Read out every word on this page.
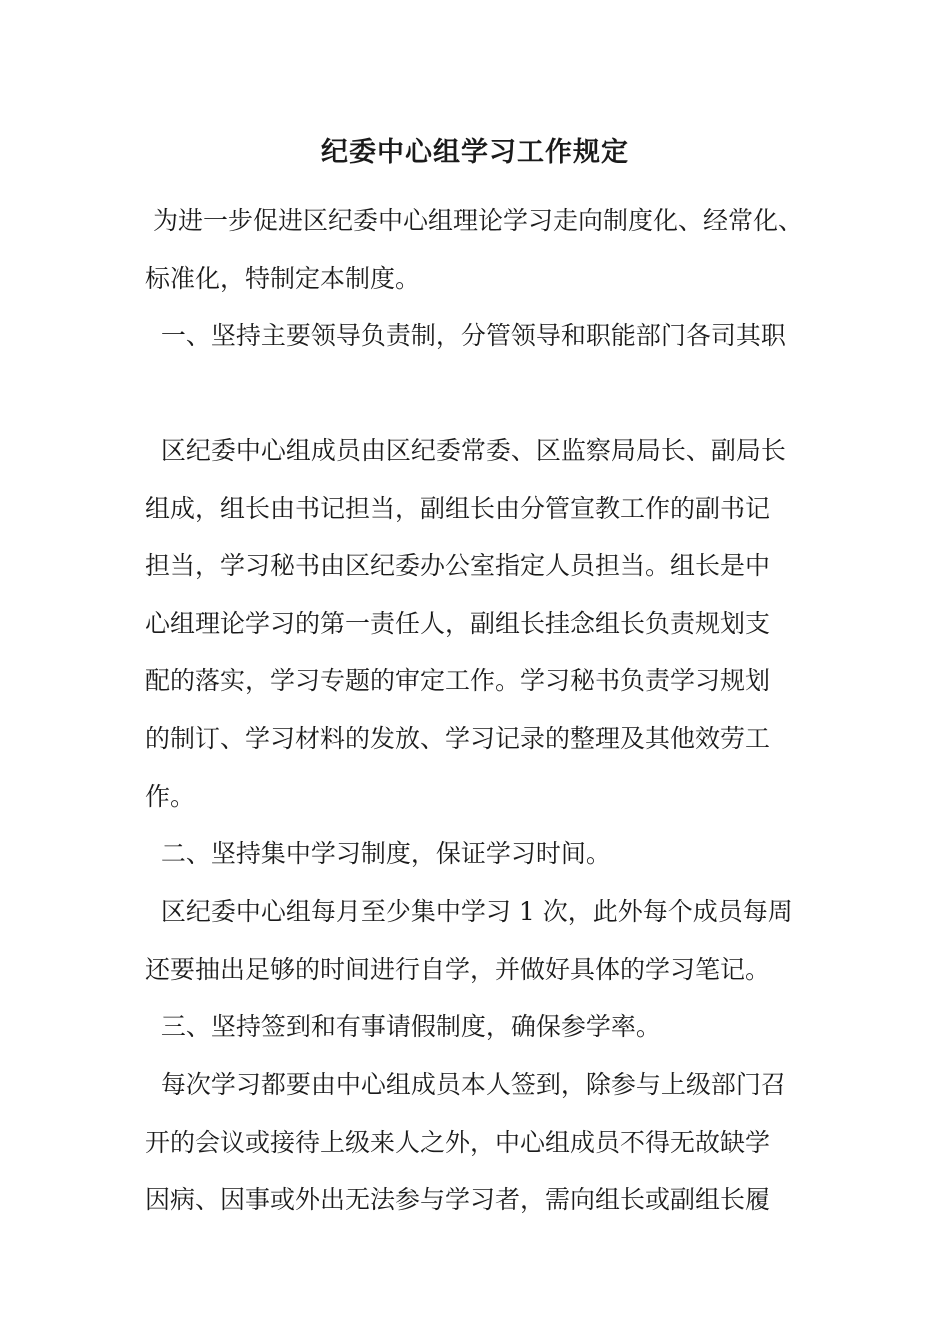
纪委中心组学习工作规定
为进一步促进区纪委中心组理论学习走向制度化、经常化、
标准化，特制定本制度。
一、坚持主要领导负责制，分管领导和职能部门各司其职
区纪委中心组成员由区纪委常委、区监察局局长、副局长
组成，组长由书记担当，副组长由分管宣教工作的副书记
担当，学习秘书由区纪委办公室指定人员担当。组长是中
心组理论学习的第一责任人，副组长挂念组长负责规划支
配的落实，学习专题的审定工作。学习秘书负责学习规划
的制订、学习材料的发放、学习记录的整理及其他效劳工
作。
二、坚持集中学习制度，保证学习时间。
区纪委中心组每月至少集中学习 1 次，此外每个成员每周
还要抽出足够的时间进行自学，并做好具体的学习笔记。
三、坚持签到和有事请假制度，确保参学率。
每次学习都要由中心组成员本人签到，除参与上级部门召
开的会议或接待上级来人之外，中心组成员不得无故缺学
因病、因事或外出无法参与学习者，需向组长或副组长履
